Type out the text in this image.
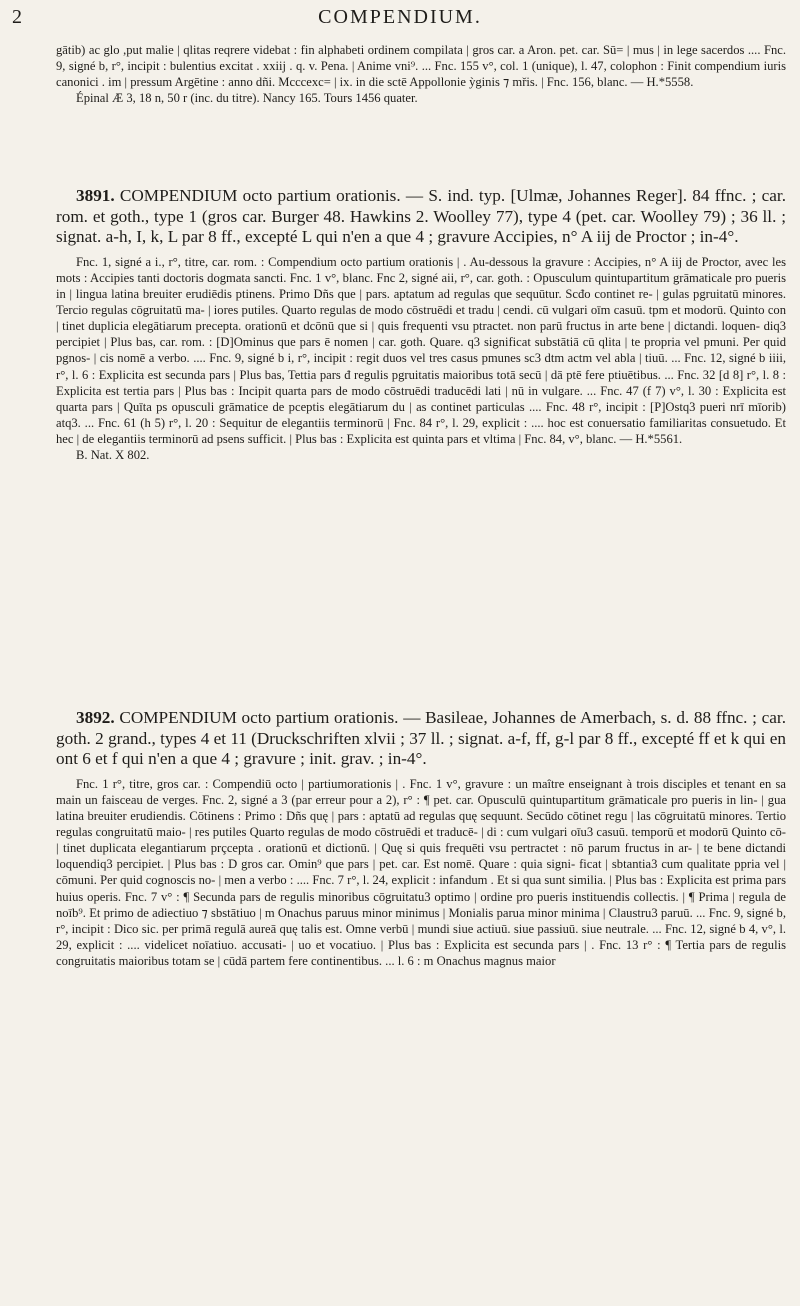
2	COMPENDIUM.

gātib) ac glo ,put malie | qlitas reqrere videbat : fin alphabeti ordinem compilata | gros car. a Aron. pet. car. Sū= | mus | in lege sacerdos .... Fnc. 9, signé b, r°, incipit : bulentius excitat . xxiij . q. v. Pena. | Anime vni⁹. ... Fnc. 155 v°, col. 1 (unique), l. 47, colophon : Finit compendium iuris canonici . im | pressum Argētine : anno dñi. Mcccexc= | ix. in die sctē Appollonie ỳginis ⁊ mřis. | Fnc. 156, blanc. — H.*5558.

Épinal Æ 3, 18 n, 50 r (inc. du titre). Nancy 165. Tours 1456 quater.

3891. COMPENDIUM octo partium orationis. — S. ind. typ. [Ulmæ, Johannes Reger]. 84 ffnc. ; car. rom. et goth., type 1 (gros car. Burger 48. Hawkins 2. Woolley 77), type 4 (pet. car. Woolley 79) ; 36 ll. ; signat. a-h, I, k, L par 8 ff., excepté L qui n'en a que 4 ; gravure Accipies, n° A iij de Proctor ; in-4°.

Fnc. 1, signé a i., r°, titre, car. rom. : Compendium octo partium orationis | . Au-dessous la gravure : Accipies, n° A iij de Proctor, avec les mots : Accipies tanti doctoris dogmata sancti. Fnc. 1 v°, blanc. Fnc 2, signé aii, r°, car. goth. : Opusculum quintupartitum grāmaticale pro pueris in | lingua latina breuiter erudiēdis ptinens. Primo Dñs que | pars. aptatum ad regulas que sequūtur. Scđo continet re- | gulas pgruitatū minores. Tercio regulas cōgruitatū ma- | iores putiles. Quarto regulas de modo cōstruēdi et tradu | cendi. cū vulgari oīm casuū. tpm et modorū. Quinto con | tinet duplicia elegātiarum precepta. orationū et dcōnū que si | quis frequenti vsu ptractet. non parū fructus in arte bene | dictandi. loquen- diq3 percipiet | Plus bas, car. rom. : [D]Ominus que pars ē nomen | car. goth. Quare. q3 significat substātiā cū qlita | te propria vel pmuni. Per quid pgnos- | cis nomē a verbo. .... Fnc. 9, signé b i, r°, incipit : regit duos vel tres casus pmunes sc3 dtm actm vel abla | tiuū. ... Fnc. 12, signé b iiii, r°, l. 6 : Explicita est secunda pars | Plus bas, Tettia pars đ regulis pgruitatis maioribus totā secū | dā ptē fere ptiuētibus. ... Fnc. 32 [d 8] r°, l. 8 : Explicita est tertia pars | Plus bas : Incipit quarta pars de modo cōstruēdi traducēdi lati | nū in vulgare. ... Fnc. 47 (f 7) v°, l. 30 : Explicita est quarta pars | Quīta ps opusculi grāmatice de pceptis elegātiarum du | as continet particulas .... Fnc. 48 r°, incipit : [P]Ostq3 pueri nrī mīorib) atq3. ... Fnc. 61 (h 5) r°, l. 20 : Sequitur de elegantiis terminorū | Fnc. 84 r°, l. 29, explicit : .... hoc est conuersatio familiaritas consuetudo. Et hec | de elegantiis terminorū ad psens sufficit. | Plus bas : Explicita est quinta pars et vltima | Fnc. 84, v°, blanc. — H.*5561.

B. Nat. X 802.

3892. COMPENDIUM octo partium orationis. — Basileae, Johannes de Amerbach, s. d. 88 ffnc. ; car. goth. 2 grand., types 4 et 11 (Druckschriften xlvii ; 37 ll. ; signat. a-f, ff, g-l par 8 ff., excepté ff et k qui en ont 6 et f qui n'en a que 4 ; gravure ; init. grav. ; in-4°.

Fnc. 1 r°, titre, gros car. : Compendiū octo | partiumorationis | . Fnc. 1 v°, gravure : un maître enseignant à trois disciples et tenant en sa main un faisceau de verges. Fnc. 2, signé a 3 (par erreur pour a 2), r° : ¶ pet. car. Opusculū quintupartitum grāmaticale pro pueris in lin- | gua latina breuiter erudiendis. Cōtinens : Primo : Dñs quę | pars : aptatū ad regulas quę sequunt. Secūdo cōtinet regu | las cōgruitatū minores. Tertio regulas congruitatū maio- | res putiles Quarto regulas de modo cōstruēdi et traducē- | di : cum vulgari oīu3 casuū. temporū et modorū Quinto cō- | tinet duplicata elegantiarum prçcepta . orationū et dictionū. | Quę si quis frequēti vsu pertractet : nō parum fructus in ar- | te bene dictandi loquendiq3 percipiet. | Plus bas : D gros car. Omin⁹ que pars | pet. car. Est nomē. Quare : quia signi- ficat | sbtantia3 cum qualitate ppria vel | cōmuni. Per quid cognoscis no- | men a verbo : .... Fnc. 7 r°, l. 24, explicit : infandum . Et si qua sunt similia. | Plus bas : Explicita est prima pars huius operis. Fnc. 7 v° : ¶ Secunda pars de regulis minoribus cōgruitatu3 optimo | ordine pro pueris instituendis collectis. | ¶ Prima | regula de noīb⁹. Et primo de adiectiuo ⁊ sbstātiuo | m Onachus paruus minor minimus | Monialis parua minor minima | Claustru3 paruū. ... Fnc. 9, signé b, r°, incipit : Dico sic. per primā regulā aureā quę talis est. Omne verbū | mundi siue actiuū. siue passiuū. siue neutrale. ... Fnc. 12, signé b 4, v°, l. 29, explicit : .... videlicet noīatiuo. accusati- | uo et vocatiuo. | Plus bas : Explicita est secunda pars | . Fnc. 13 r° : ¶ Tertia pars de regulis congruitatis maioribus totam se | cūdā partem fere continentibus. ... l. 6 : m Onachus magnus maior
